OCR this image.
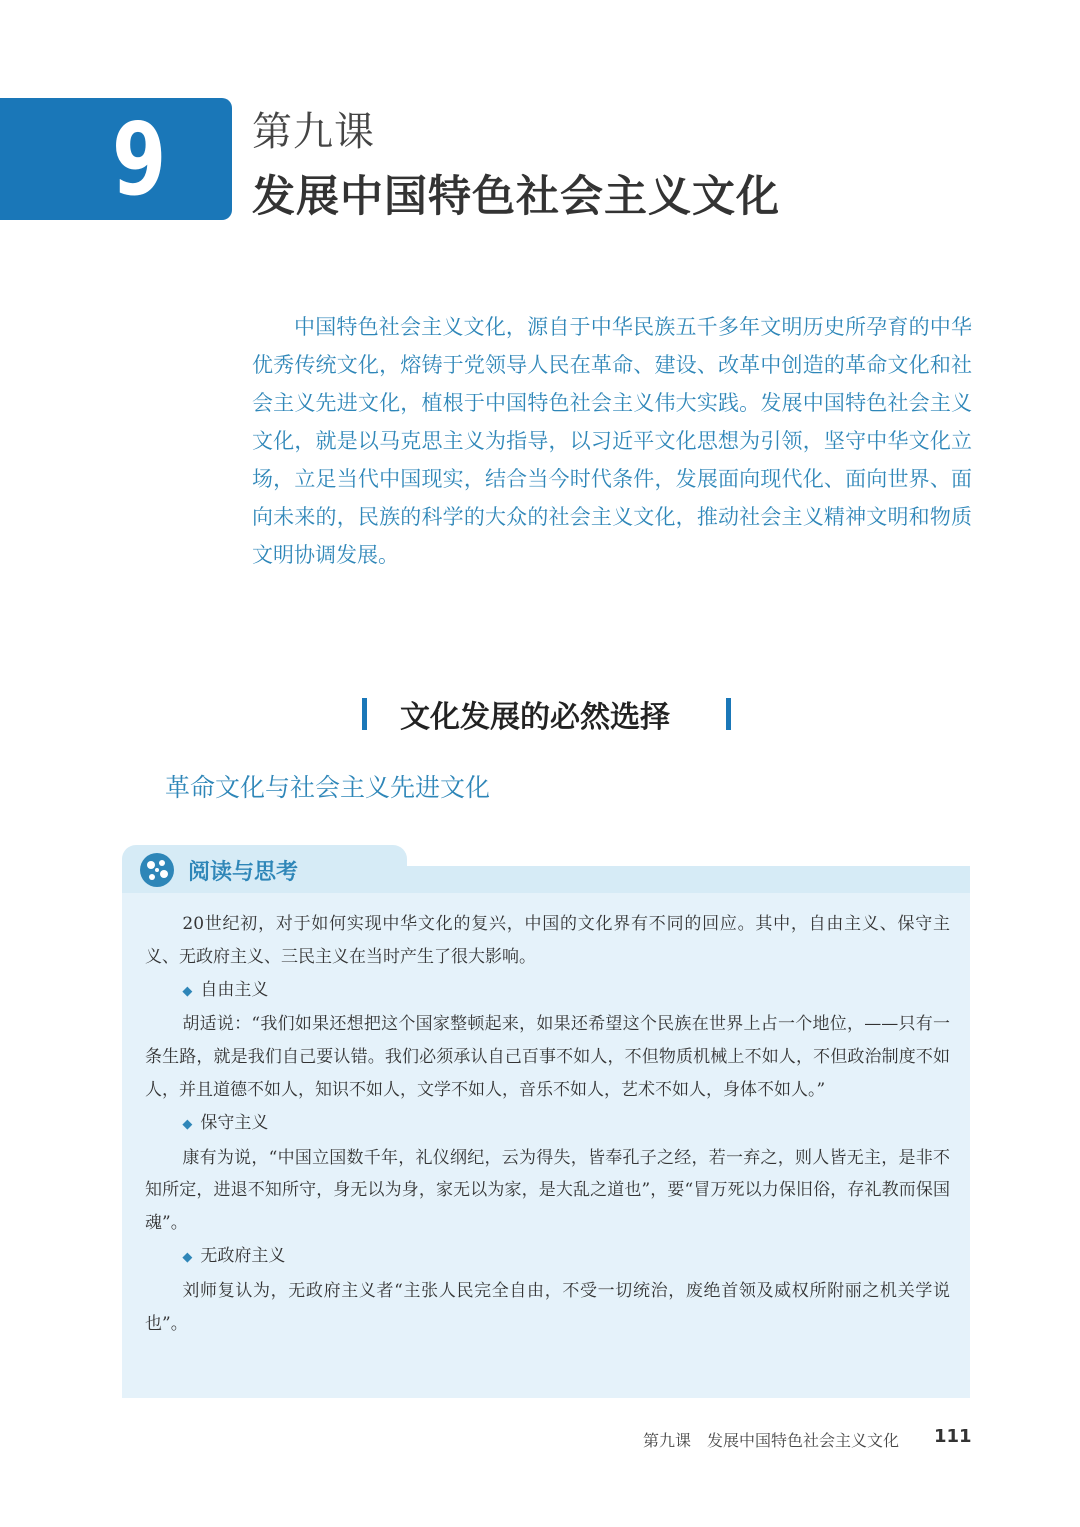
9	第九课
发展中国特色社会主义文化

中国特色社会主义文化，源自于中华民族五千多年文明历史所孕育的中华优秀传统文化，熔铸于党领导人民在革命、建设、改革中创造的革命文化和社会主义先进文化，植根于中国特色社会主义伟大实践。发展中国特色社会主义文化，就是以马克思主义为指导，以习近平文化思想为引领，坚守中华文化立场，立足当代中国现实，结合当今时代条件，发展面向现代化、面向世界、面向未来的，民族的科学的大众的社会主义文化，推动社会主义精神文明和物质文明协调发展。

文化发展的必然选择
革命文化与社会主义先进文化
阅读与思考

20世纪初，对于如何实现中华文化的复兴，中国的文化界有不同的回应。其中，自由主义、保守主义、无政府主义、三民主义在当时产生了很大影响。

◆ 自由主义

胡适说：“我们如果还想把这个国家整顿起来，如果还希望这个民族在世界上占一个地位，——只有一条生路，就是我们自己要认错。我们必须承认自己百事不如人，不但物质机械上不如人，不但政治制度不如人，并且道德不如人，知识不如人，文学不如人，音乐不如人，艺术不如人，身体不如人。”

◆ 保守主义

康有为说，“中国立国数千年，礼仪纲纪，云为得失，皆奉孔子之经，若一弃之，则人皆无主，是非不知所定，进退不知所守，身无以为身，家无以为家，是大乱之道也”，要“冒万死以力保旧俗，存礼教而保国魂”。

◆ 无政府主义

刘师复认为，无政府主义者“主张人民完全自由，不受一切统治，废绝首领及威权所附丽之机关学说也”。

第九课　发展中国特色社会主义文化 111
